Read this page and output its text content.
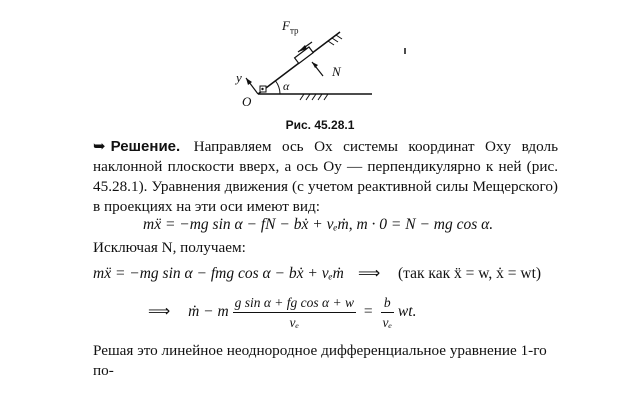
$F_{тр}$
N
y
O
α
Рис. 45.28.1
➥ Решение. Направляем ось Ox системы координат Oxy вдоль наклонной плоскости вверх, а ось Oy — перпендикулярно к ней (рис. 45.28.1). Уравнения движения (с учетом реактивной силы Мещерского) в проекциях на эти оси имеют вид:
mẍ = −mg sin α − fN − bẋ + vₑṁ, m · 0 = N − mg cos α.
Исключая N, получаем:
mẍ = −mg sin α − fmg cos α − bẋ + vₑṁ ⟹ (так как ẍ = w, ẋ = wt)
⟹ ṁ − m $\frac{\text{g sin α + fg cos α + w}}{\text{vₑ}} = \frac{b}{\text{vₑ}}$ wt.
Решая это линейное неоднородное дифференциальное уравнение 1-го по-
